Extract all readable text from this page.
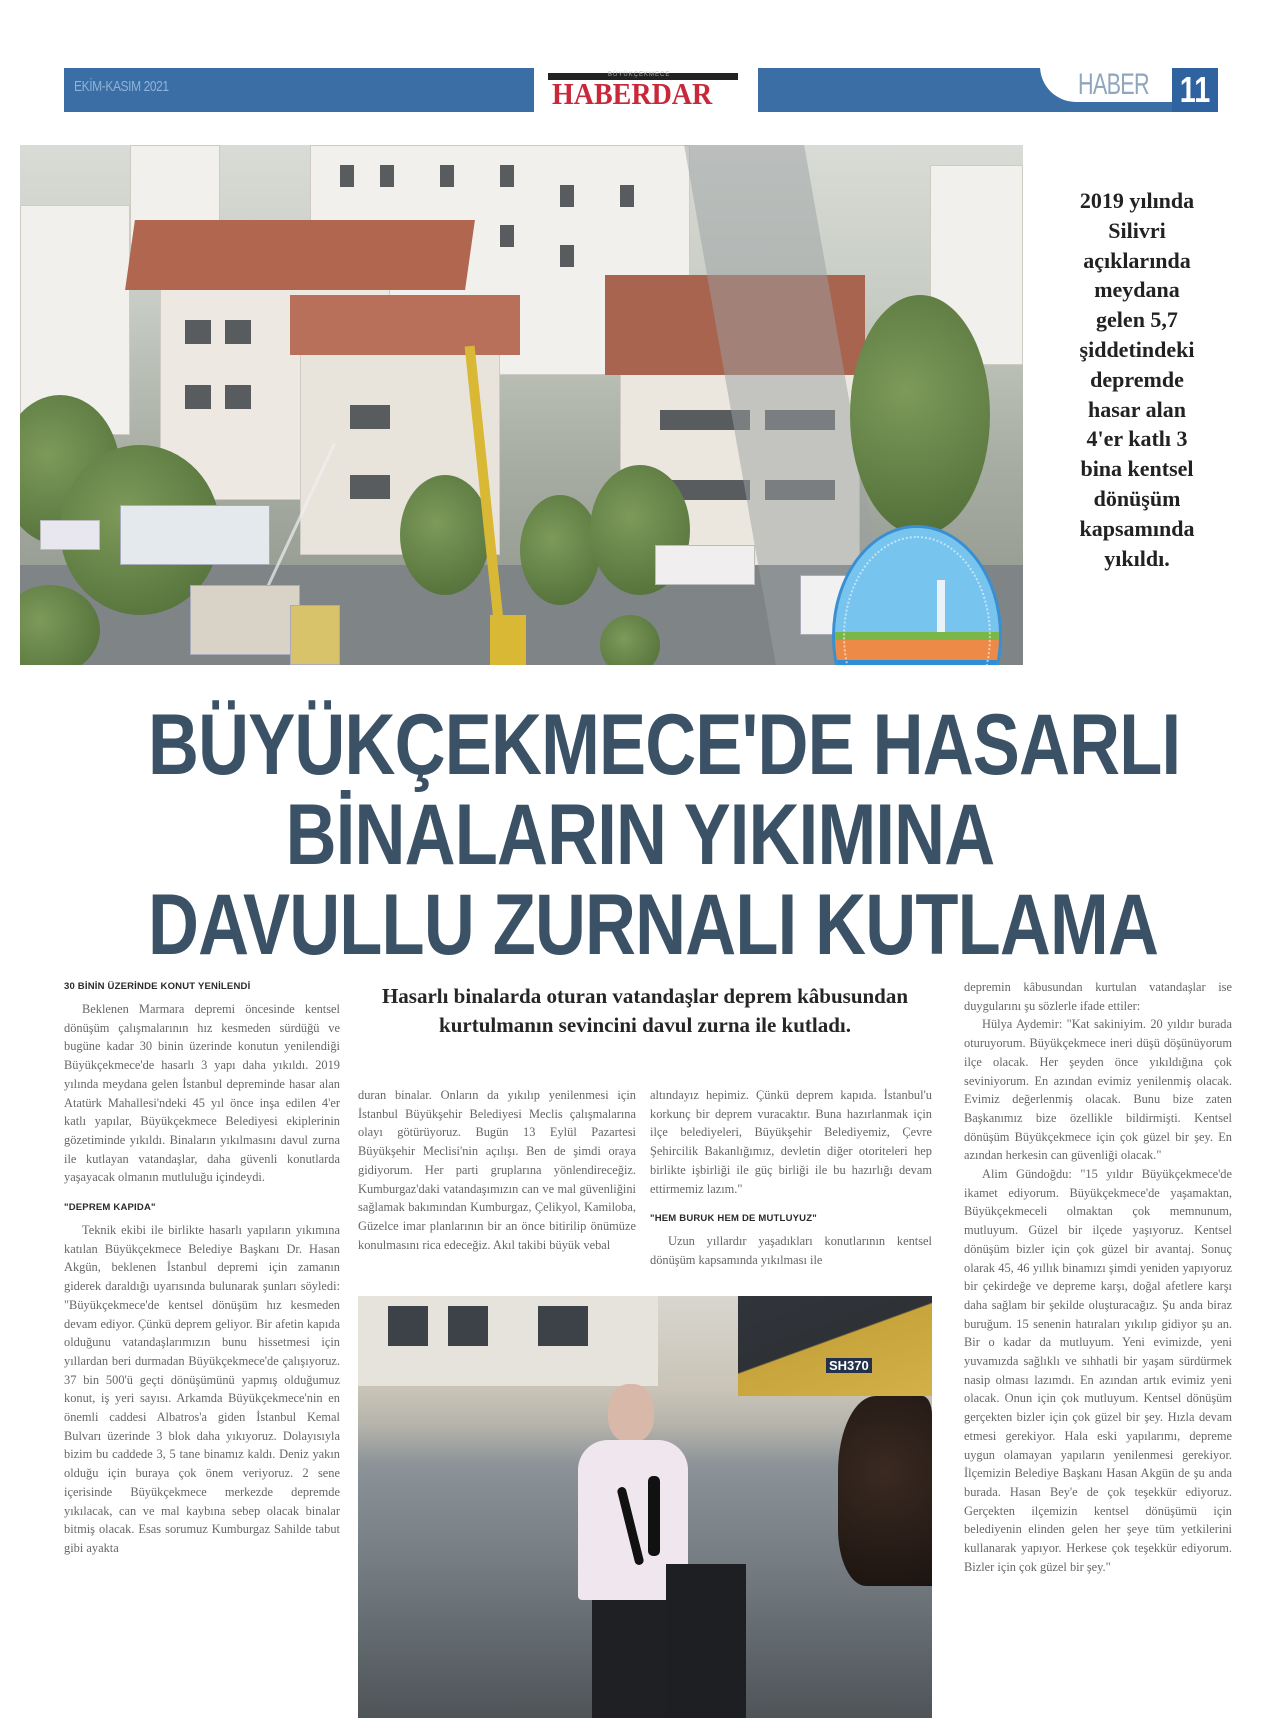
EKİM-KASIM 2021
BÜYÜKÇEKMECE
HABERDAR	HABER 11
2019 yılında
Silivri
açıklarında
meydana
gelen 5,7
şiddetindeki
depremde
hasar alan
4'er katlı 3
bina kentsel
dönüşüm
kapsamında
yıkıldı.
BÜYÜKÇEKMECE'DE HASARLI
BİNALARIN YIKIMINA
DAVULLU ZURNALI KUTLAMA
30 BİNİN ÜZERİNDE KONUT YENİLENDİ

Beklenen Marmara depremi öncesinde kentsel dönüşüm çalışmalarının hız kesmeden sürdüğü ve bugüne kadar 30 binin üzerinde konutun yenilendiği Büyükçekmece'de hasarlı 3 yapı daha yıkıldı. 2019 yılında meydana gelen İstanbul depreminde hasar alan Atatürk Mahallesi'ndeki 45 yıl önce inşa edilen 4'er katlı yapılar, Büyükçekmece Belediyesi ekiplerinin gözetiminde yıkıldı. Binaların yıkılmasını davul zurna ile kutlayan vatandaşlar, daha güvenli konutlarda yaşayacak olmanın mutluluğu içindeydi.

"DEPREM KAPIDA"

Teknik ekibi ile birlikte hasarlı yapıların yıkımına katılan Büyükçekmece Belediye Başkanı Dr. Hasan Akgün, beklenen İstanbul depremi için zamanın giderek daraldığı uyarısında bulunarak şunları söyledi: "Büyükçekmece'de kentsel dönüşüm hız kesmeden devam ediyor. Çünkü deprem geliyor. Bir afetin kapıda olduğunu vatandaşlarımızın bunu hissetmesi için yıllardan beri durmadan Büyükçekmece'de çalışıyoruz. 37 bin 500'ü geçti dönüşümünü yapmış olduğumuz konut, iş yeri sayısı. Arkamda Büyükçekmece'nin en önemli caddesi Albatros'a giden İstanbul Kemal Bulvarı üzerinde 3 blok daha yıkıyoruz. Dolayısıyla bizim bu caddede 3, 5 tane binamız kaldı. Deniz yakın olduğu için buraya çok önem veriyoruz. 2 sene içerisinde Büyükçekmece merkezde depremde yıkılacak, can ve mal kaybına sebep olacak binalar bitmiş olacak. Esas sorumuz Kumburgaz Sahilde tabut gibi ayakta

Hasarlı binalarda oturan vatandaşlar deprem kâbusundan kurtulmanın sevincini davul zurna ile kutladı.

duran binalar. Onların da yıkılıp yenilenmesi için İstanbul Büyükşehir Belediyesi Meclis çalışmalarına olayı götürüyoruz. Bugün 13 Eylül Pazartesi Büyükşehir Meclisi'nin açılışı. Ben de şimdi oraya gidiyorum. Her parti gruplarına yönlendireceğiz. Kumburgaz'daki vatandaşımızın can ve mal güvenliğini sağlamak bakımından Kumburgaz, Çelikyol, Kamiloba, Güzelce imar planlarının bir an önce bitirilip önümüze konulmasını rica edeceğiz. Akıl takibi büyük vebal

altındayız hepimiz. Çünkü deprem kapıda. İstanbul'u korkunç bir deprem vuracaktır. Buna hazırlanmak için ilçe belediyeleri, Büyükşehir Belediyemiz, Çevre Şehircilik Bakanlığımız, devletin diğer otoriteleri hep birlikte işbirliği ile güç birliği ile bu hazırlığı devam ettirmemiz lazım."

"HEM BURUK HEM DE MUTLUYUZ"

Uzun yıllardır yaşadıkları konutlarının kentsel dönüşüm kapsamında yıkılması ile

SH370

depremin kâbusundan kurtulan vatandaşlar ise duygularını şu sözlerle ifade ettiler:

Hülya Aydemir: "Kat sakiniyim. 20 yıldır burada oturuyorum. Büyükçekmece ineri düşü döşünüyorum ilçe olacak. Her şeyden önce yıkıldığına çok seviniyorum. En azından evimiz yenilenmiş olacak. Evimiz değerlenmiş olacak. Bunu bize zaten Başkanımız bize özellikle bildirmişti. Kentsel dönüşüm Büyükçekmece için çok güzel bir şey. En azından herkesin can güvenliği olacak."

Alim Gündoğdu: "15 yıldır Büyükçekmece'de ikamet ediyorum. Büyükçekmece'de yaşamaktan, Büyükçekmeceli olmaktan çok memnunum, mutluyum. Güzel bir ilçede yaşıyoruz. Kentsel dönüşüm bizler için çok güzel bir avantaj. Sonuç olarak 45, 46 yıllık binamızı şimdi yeniden yapıyoruz bir çekirdeğe ve depreme karşı, doğal afetlere karşı daha sağlam bir şekilde oluşturacağız. Şu anda biraz buruğum. 15 senenin hatıraları yıkılıp gidiyor şu an. Bir o kadar da mutluyum. Yeni evimizde, yeni yuvamızda sağlıklı ve sıhhatli bir yaşam sürdürmek nasip olması lazımdı. En azından artık evimiz yeni olacak. Onun için çok mutluyum. Kentsel dönüşüm gerçekten bizler için çok güzel bir şey. Hızla devam etmesi gerekiyor. Hala eski yapılarımı, depreme uygun olamayan yapıların yenilenmesi gerekiyor. İlçemizin Belediye Başkanı Hasan Akgün de şu anda burada. Hasan Bey'e de çok teşekkür ediyoruz. Gerçekten ilçemizin kentsel dönüşümü için belediyenin elinden gelen her şeye tüm yetkilerini kullanarak yapıyor. Herkese çok teşekkür ediyorum. Bizler için çok güzel bir şey."
